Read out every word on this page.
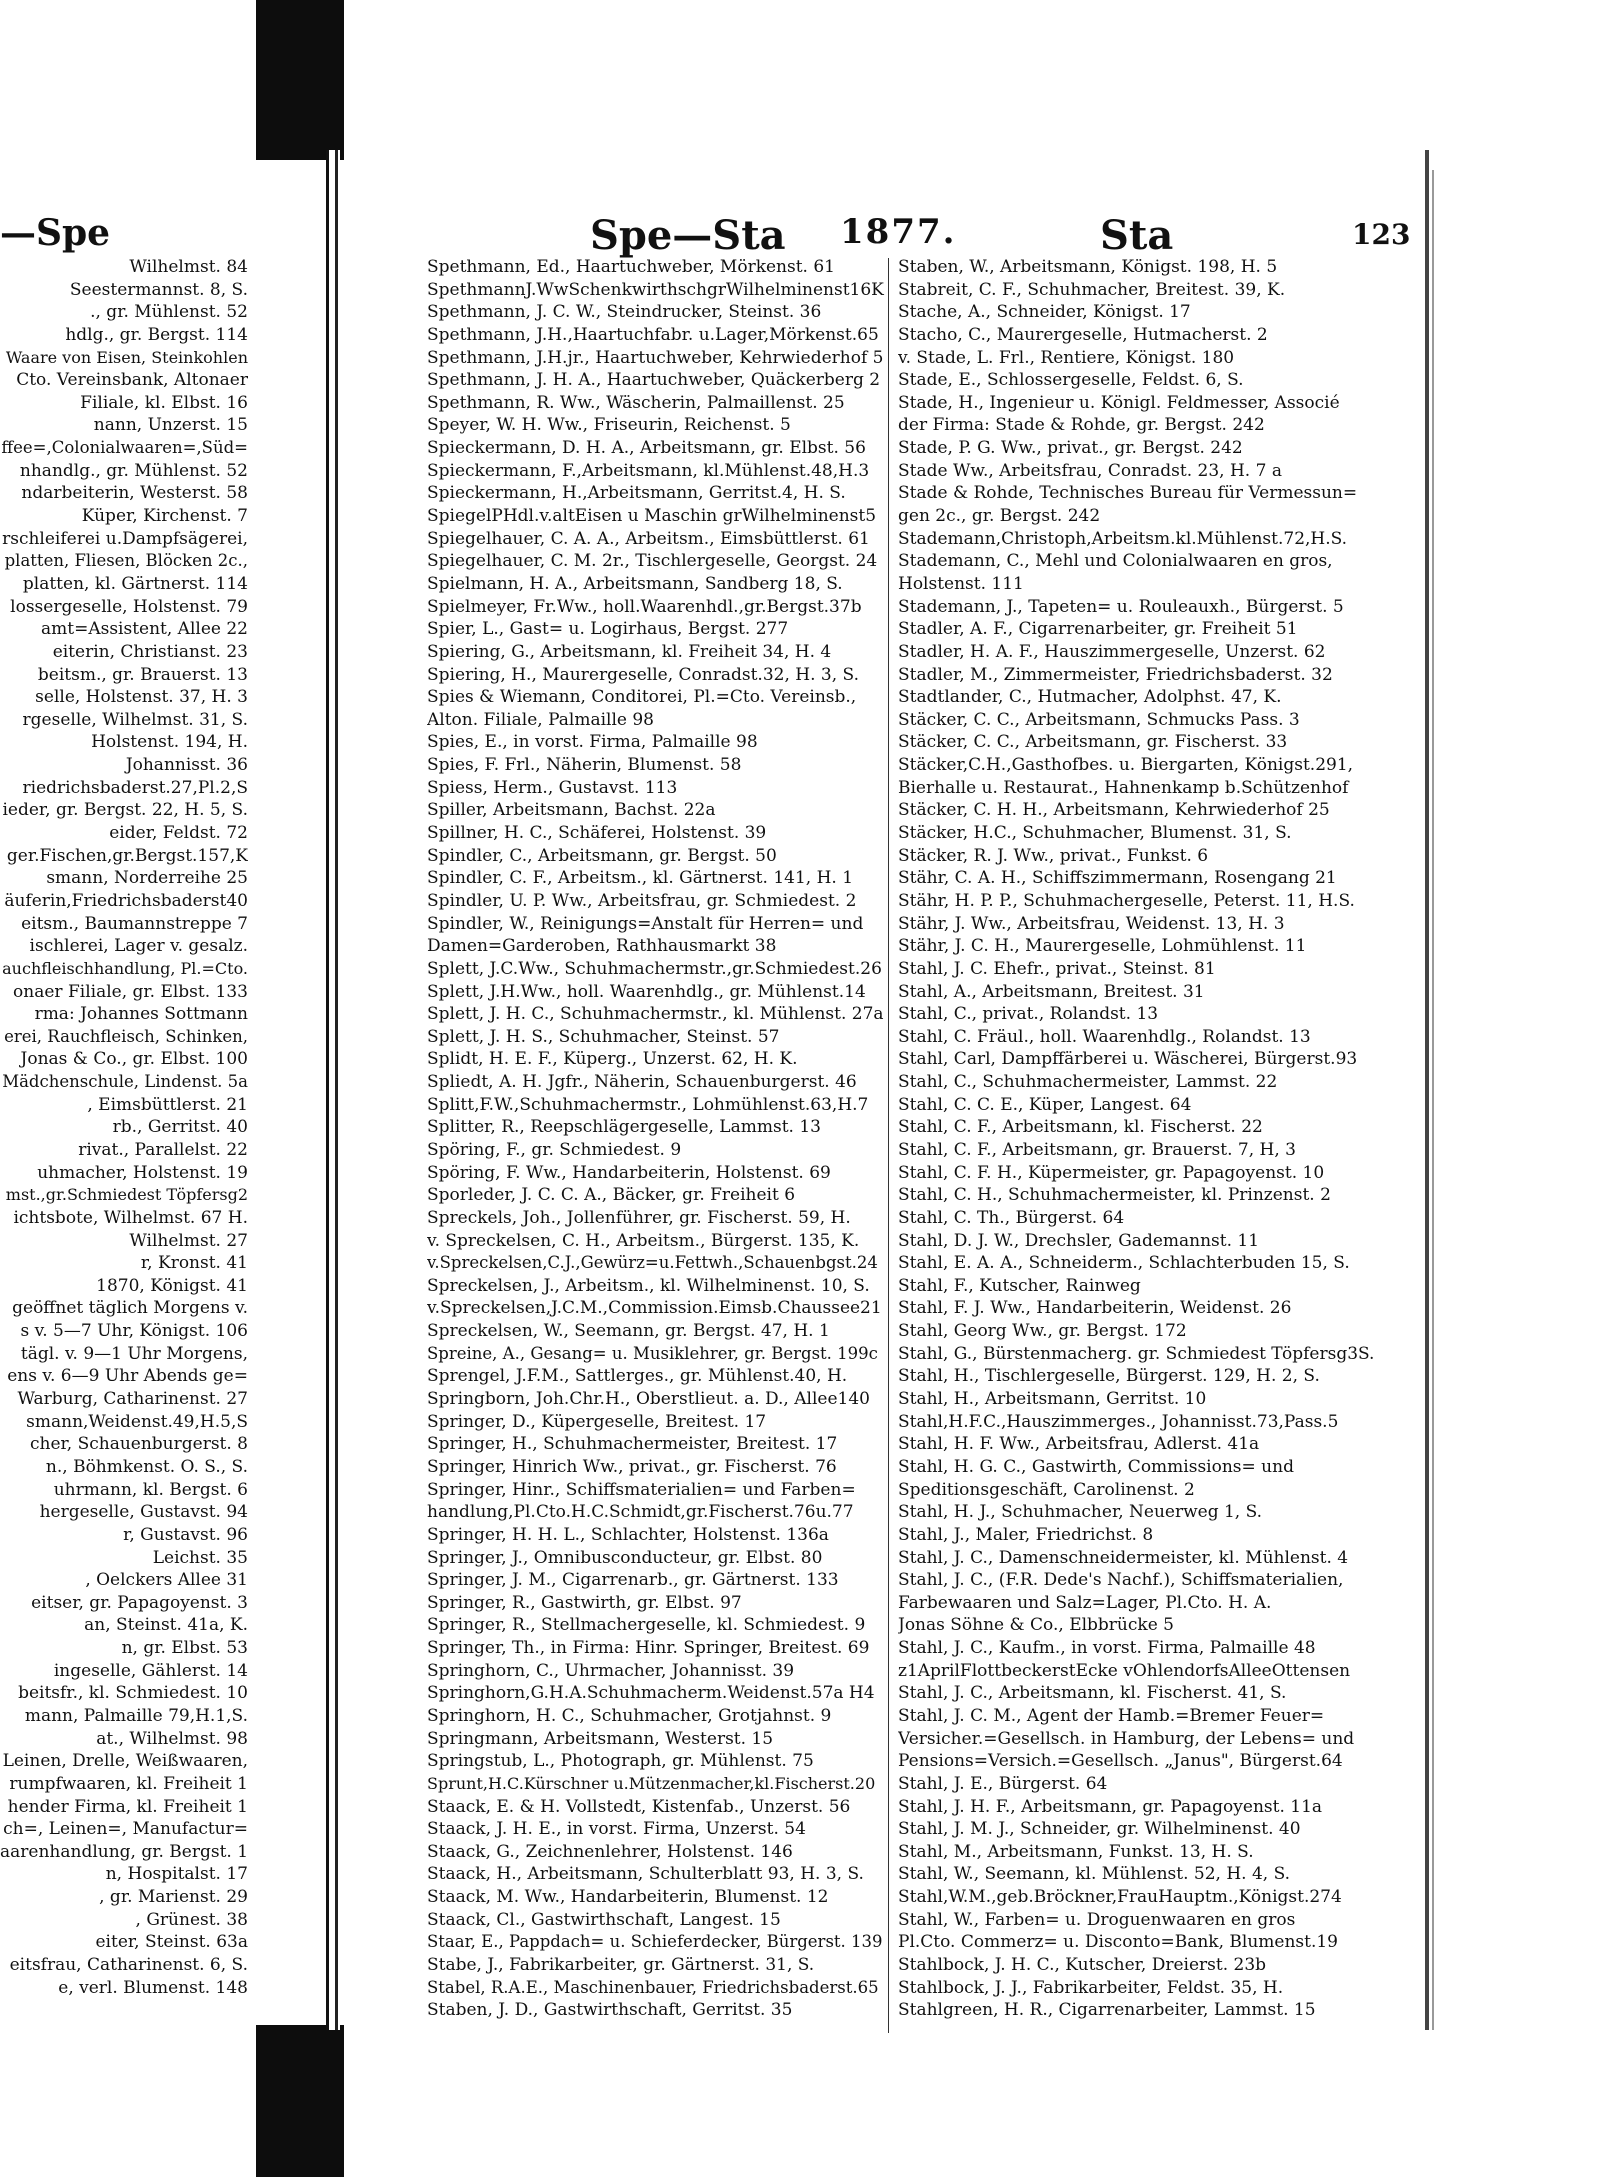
—Spe	Spe—Sta 1877.	Sta	123
Wilhelmst. 84
Seestermannst. 8, S.
., gr. Mühlenst. 52
hdlg., gr. Bergst. 114
Waare von Eisen, Steinkohlen
Cto. Vereinsbank, Altonaer
Filiale, kl. Elbst. 16
nann, Unzerst. 15
ffee=,Colonialwaaren=,Süd=
nhandlg., gr. Mühlenst. 52
ndarbeiterin, Westerst. 58
Küper, Kirchenst. 7
rschleiferei u.Dampfsägerei,
platten, Fliesen, Blöcken 2c.,
platten, kl. Gärtnerst. 114
lossergeselle, Holstenst. 79
amt=Assistent, Allee 22
eiterin, Christianst. 23
beitsm., gr. Brauerst. 13
selle, Holstenst. 37, H. 3
rgeselle, Wilhelmst. 31, S.
Holstenst. 194, H.
Johannisst. 36
riedrichsbaderst.27,Pl.2,S
ieder, gr. Bergst. 22, H. 5, S.
eider, Feldst. 72
ger.Fischen,gr.Bergst.157,K
smann, Norderreihe 25
äuferin,Friedrichsbaderst40
eitsm., Baumannstreppe 7
ischlerei, Lager v. gesalz.
auchfleischhandlung, Pl.=Cto.
onaer Filiale, gr. Elbst. 133
rma: Johannes Sottmann
erei, Rauchfleisch, Schinken,
Jonas & Co., gr. Elbst. 100
Mädchenschule, Lindenst. 5a
, Eimsbüttlerst. 21
rb., Gerritst. 40
rivat., Parallelst. 22
uhmacher, Holstenst. 19
mst.,gr.Schmiedest Töpfersg2
ichtsbote, Wilhelmst. 67 H.
Wilhelmst. 27
r, Kronst. 41
1870, Königst. 41
geöffnet täglich Morgens v.
s v. 5—7 Uhr, Königst. 106
tägl. v. 9—1 Uhr Morgens,
ens v. 6—9 Uhr Abends ge=
Warburg, Catharinenst. 27
smann,Weidenst.49,H.5,S
cher, Schauenburgerst. 8
n., Böhmkenst. O. S., S.
uhrmann, kl. Bergst. 6
hergeselle, Gustavst. 94
r, Gustavst. 96
Leichst. 35
, Oelckers Allee 31
eitser, gr. Papagoyenst. 3
an, Steinst. 41a, K.
n, gr. Elbst. 53
ingeselle, Gählerst. 14
beitsfr., kl. Schmiedest. 10
mann, Palmaille 79,H.1,S.
at., Wilhelmst. 98
Leinen, Drelle, Weißwaaren,
rumpfwaaren, kl. Freiheit 1
hender Firma, kl. Freiheit 1
ch=, Leinen=, Manufactur=
aarenhandlung, gr. Bergst. 1
n, Hospitalst. 17
, gr. Marienst. 29
, Grünest. 38
eiter, Steinst. 63a
eitsfrau, Catharinenst. 6, S.
e, verl. Blumenst. 148
Spethmann, Ed., Haartuchweber, Mörkenst. 61
SpethmannJ.WwSchenkwirthschgrWilhelminenst16K
Spethmann, J. C. W., Steindrucker, Steinst. 36
Spethmann, J.H.,Haartuchfabr. u.Lager,Mörkenst.65
Spethmann, J.H.jr., Haartuchweber, Kehrwiederhof 5
Spethmann, J. H. A., Haartuchweber, Quäckerberg 2
Spethmann, R. Ww., Wäscherin, Palmaillenst. 25
Speyer, W. H. Ww., Friseurin, Reichenst. 5
Spieckermann, D. H. A., Arbeitsmann, gr. Elbst. 56
Spieckermann, F.,Arbeitsmann, kl.Mühlenst.48,H.3
Spieckermann, H.,Arbeitsmann, Gerritst.4, H. S.
SpiegelPHdl.v.altEisen u Maschin grWilhelminenst5
Spiegelhauer, C. A. A., Arbeitsm., Eimsbüttlerst. 61
Spiegelhauer, C. M. 2r., Tischlergeselle, Georgst. 24
Spielmann, H. A., Arbeitsmann, Sandberg 18, S.
Spielmeyer, Fr.Ww., holl.Waarenhdl.,gr.Bergst.37b
Spier, L., Gast= u. Logirhaus, Bergst. 277
Spiering, G., Arbeitsmann, kl. Freiheit 34, H. 4
Spiering, H., Maurergeselle, Conradst.32, H. 3, S.
Spies & Wiemann, Conditorei, Pl.=Cto. Vereinsb.,
Alton. Filiale, Palmaille 98
Spies, E., in vorst. Firma, Palmaille 98
Spies, F. Frl., Näherin, Blumenst. 58
Spiess, Herm., Gustavst. 113
Spiller, Arbeitsmann, Bachst. 22a
Spillner, H. C., Schäferei, Holstenst. 39
Spindler, C., Arbeitsmann, gr. Bergst. 50
Spindler, C. F., Arbeitsm., kl. Gärtnerst. 141, H. 1
Spindler, U. P. Ww., Arbeitsfrau, gr. Schmiedest. 2
Spindler, W., Reinigungs=Anstalt für Herren= und
Damen=Garderoben, Rathhausmarkt 38
Splett, J.C.Ww., Schuhmachermstr.,gr.Schmiedest.26
Splett, J.H.Ww., holl. Waarenhdlg., gr. Mühlenst.14
Splett, J. H. C., Schuhmachermstr., kl. Mühlenst. 27a
Splett, J. H. S., Schuhmacher, Steinst. 57
Splidt, H. E. F., Küperg., Unzerst. 62, H. K.
Spliedt, A. H. Jgfr., Näherin, Schauenburgerst. 46
Splitt,F.W.,Schuhmachermstr., Lohmühlenst.63,H.7
Splitter, R., Reepschlägergeselle, Lammst. 13
Spöring, F., gr. Schmiedest. 9
Spöring, F. Ww., Handarbeiterin, Holstenst. 69
Sporleder, J. C. C. A., Bäcker, gr. Freiheit 6
Spreckels, Joh., Jollenführer, gr. Fischerst. 59, H.
v. Spreckelsen, C. H., Arbeitsm., Bürgerst. 135, K.
v.Spreckelsen,C.J.,Gewürz=u.Fettwh.,Schauenbgst.24
Spreckelsen, J., Arbeitsm., kl. Wilhelminenst. 10, S.
v.Spreckelsen,J.C.M.,Commission.Eimsb.Chaussee21
Spreckelsen, W., Seemann, gr. Bergst. 47, H. 1
Spreine, A., Gesang= u. Musiklehrer, gr. Bergst. 199c
Sprengel, J.F.M., Sattlerges., gr. Mühlenst.40, H.
Springborn, Joh.Chr.H., Oberstlieut. a. D., Allee140
Springer, D., Küpergeselle, Breitest. 17
Springer, H., Schuhmachermeister, Breitest. 17
Springer, Hinrich Ww., privat., gr. Fischerst. 76
Springer, Hinr., Schiffsmaterialien= und Farben=
handlung,Pl.Cto.H.C.Schmidt,gr.Fischerst.76u.77
Springer, H. H. L., Schlachter, Holstenst. 136a
Springer, J., Omnibusconducteur, gr. Elbst. 80
Springer, J. M., Cigarrenarb., gr. Gärtnerst. 133
Springer, R., Gastwirth, gr. Elbst. 97
Springer, R., Stellmachergeselle, kl. Schmiedest. 9
Springer, Th., in Firma: Hinr. Springer, Breitest. 69
Springhorn, C., Uhrmacher, Johannisst. 39
Springhorn,G.H.A.Schuhmacherm.Weidenst.57a H4
Springhorn, H. C., Schuhmacher, Grotjahnst. 9
Springmann, Arbeitsmann, Westerst. 15
Springstub, L., Photograph, gr. Mühlenst. 75
Sprunt,H.C.Kürschner u.Mützenmacher,kl.Fischerst.20
Staack, E. & H. Vollstedt, Kistenfab., Unzerst. 56
Staack, J. H. E., in vorst. Firma, Unzerst. 54
Staack, G., Zeichnenlehrer, Holstenst. 146
Staack, H., Arbeitsmann, Schulterblatt 93, H. 3, S.
Staack, M. Ww., Handarbeiterin, Blumenst. 12
Staack, Cl., Gastwirthschaft, Langest. 15
Staar, E., Pappdach= u. Schieferdecker, Bürgerst. 139
Stabe, J., Fabrikarbeiter, gr. Gärtnerst. 31, S.
Stabel, R.A.E., Maschinenbauer, Friedrichsbaderst.65
Staben, J. D., Gastwirthschaft, Gerritst. 35
Staben, W., Arbeitsmann, Königst. 198, H. 5
Stabreit, C. F., Schuhmacher, Breitest. 39, K.
Stache, A., Schneider, Königst. 17
Stacho, C., Maurergeselle, Hutmacherst. 2
v. Stade, L. Frl., Rentiere, Königst. 180
Stade, E., Schlossergeselle, Feldst. 6, S.
Stade, H., Ingenieur u. Königl. Feldmesser, Associé
der Firma: Stade & Rohde, gr. Bergst. 242
Stade, P. G. Ww., privat., gr. Bergst. 242
Stade Ww., Arbeitsfrau, Conradst. 23, H. 7 a
Stade & Rohde, Technisches Bureau für Vermessun=
gen 2c., gr. Bergst. 242
Stademann,Christoph,Arbeitsm.kl.Mühlenst.72,H.S.
Stademann, C., Mehl und Colonialwaaren en gros,
Holstenst. 111
Stademann, J., Tapeten= u. Rouleauxh., Bürgerst. 5
Stadler, A. F., Cigarrenarbeiter, gr. Freiheit 51
Stadler, H. A. F., Hauszimmergeselle, Unzerst. 62
Stadler, M., Zimmermeister, Friedrichsbaderst. 32
Stadtlander, C., Hutmacher, Adolphst. 47, K.
Stäcker, C. C., Arbeitsmann, Schmucks Pass. 3
Stäcker, C. C., Arbeitsmann, gr. Fischerst. 33
Stäcker,C.H.,Gasthofbes. u. Biergarten, Königst.291,
Bierhalle u. Restaurat., Hahnenkamp b.Schützenhof
Stäcker, C. H. H., Arbeitsmann, Kehrwiederhof 25
Stäcker, H.C., Schuhmacher, Blumenst. 31, S.
Stäcker, R. J. Ww., privat., Funkst. 6
Stähr, C. A. H., Schiffszimmermann, Rosengang 21
Stähr, H. P. P., Schuhmachergeselle, Peterst. 11, H.S.
Stähr, J. Ww., Arbeitsfrau, Weidenst. 13, H. 3
Stähr, J. C. H., Maurergeselle, Lohmühlenst. 11
Stahl, J. C. Ehefr., privat., Steinst. 81
Stahl, A., Arbeitsmann, Breitest. 31
Stahl, C., privat., Rolandst. 13
Stahl, C. Fräul., holl. Waarenhdlg., Rolandst. 13
Stahl, Carl, Dampffärberei u. Wäscherei, Bürgerst.93
Stahl, C., Schuhmachermeister, Lammst. 22
Stahl, C. C. E., Küper, Langest. 64
Stahl, C. F., Arbeitsmann, kl. Fischerst. 22
Stahl, C. F., Arbeitsmann, gr. Brauerst. 7, H, 3
Stahl, C. F. H., Küpermeister, gr. Papagoyenst. 10
Stahl, C. H., Schuhmachermeister, kl. Prinzenst. 2
Stahl, C. Th., Bürgerst. 64
Stahl, D. J. W., Drechsler, Gademannst. 11
Stahl, E. A. A., Schneiderm., Schlachterbuden 15, S.
Stahl, F., Kutscher, Rainweg
Stahl, F. J. Ww., Handarbeiterin, Weidenst. 26
Stahl, Georg Ww., gr. Bergst. 172
Stahl, G., Bürstenmacherg. gr. Schmiedest Töpfersg3S.
Stahl, H., Tischlergeselle, Bürgerst. 129, H. 2, S.
Stahl, H., Arbeitsmann, Gerritst. 10
Stahl,H.F.C.,Hauszimmerges., Johannisst.73,Pass.5
Stahl, H. F. Ww., Arbeitsfrau, Adlerst. 41a
Stahl, H. G. C., Gastwirth, Commissions= und
Speditionsgeschäft, Carolinenst. 2
Stahl, H. J., Schuhmacher, Neuerweg 1, S.
Stahl, J., Maler, Friedrichst. 8
Stahl, J. C., Damenschneidermeister, kl. Mühlenst. 4
Stahl, J. C., (F.R. Dede's Nachf.), Schiffsmaterialien,
Farbewaaren und Salz=Lager, Pl.Cto. H. A.
Jonas Söhne & Co., Elbbrücke 5
Stahl, J. C., Kaufm., in vorst. Firma, Palmaille 48
z1AprilFlottbeckerstEcke vOhlendorfsAlleeOttensen
Stahl, J. C., Arbeitsmann, kl. Fischerst. 41, S.
Stahl, J. C. M., Agent der Hamb.=Bremer Feuer=
Versicher.=Gesellsch. in Hamburg, der Lebens= und
Pensions=Versich.=Gesellsch. „Janus", Bürgerst.64
Stahl, J. E., Bürgerst. 64
Stahl, J. H. F., Arbeitsmann, gr. Papagoyenst. 11a
Stahl, J. M. J., Schneider, gr. Wilhelminenst. 40
Stahl, M., Arbeitsmann, Funkst. 13, H. S.
Stahl, W., Seemann, kl. Mühlenst. 52, H. 4, S.
Stahl,W.M.,geb.Bröckner,FrauHauptm.,Königst.274
Stahl, W., Farben= u. Droguenwaaren en gros
Pl.Cto. Commerz= u. Disconto=Bank, Blumenst.19
Stahlbock, J. H. C., Kutscher, Dreierst. 23b
Stahlbock, J. J., Fabrikarbeiter, Feldst. 35, H.
Stahlgreen, H. R., Cigarrenarbeiter, Lammst. 15
